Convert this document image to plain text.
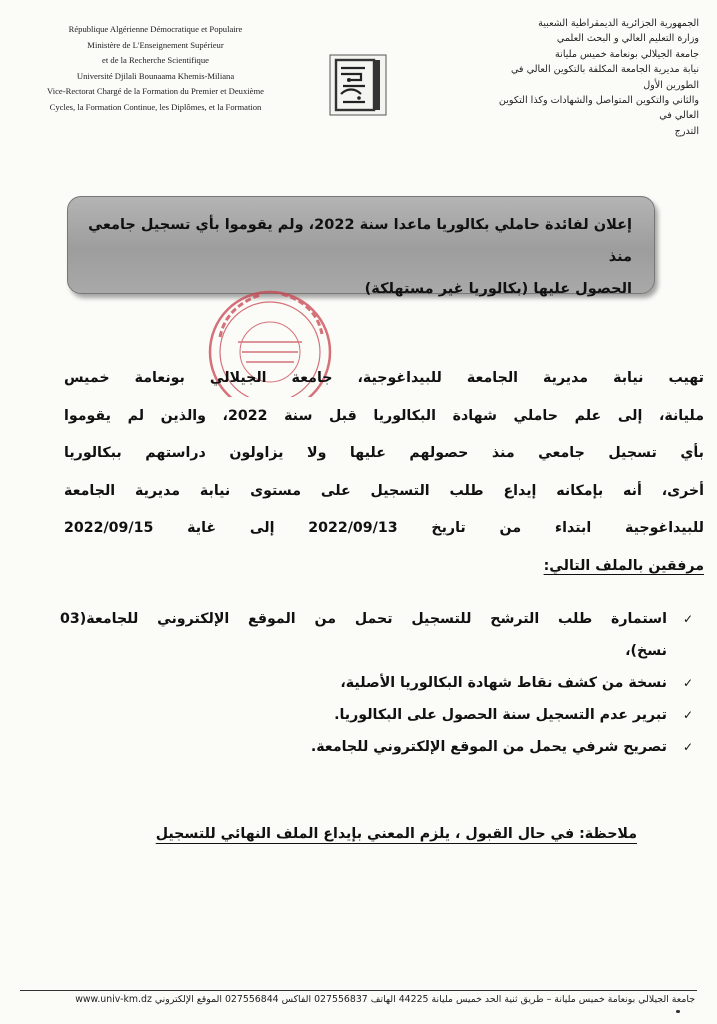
République Algérienne Démocratique et Populaire
Ministère de L'Enseignement Supérieur
et de la Recherche Scientifique
Université Djilali Bounaama Khemis-Miliana
Vice-Rectorat Chargé de la Formation du Premier et Deuxième
Cycles, la Formation Continue, les Diplômes, et la Formation
الجمهورية الجزائرية الديمقراطية الشعبية
وزارة التعليم العالي و البحث العلمي
جامعة الجيلالي بونعامة خميس مليانة
نيابة مديرية الجامعة المكلفة بالتكوين العالي في الطورين الأول
والثاني والتكوين المتواصل والشهادات وكذا التكوين العالي في
التدرج
إعلان لفائدة حاملي بكالوريا ماعدا سنة 2022، ولم يقوموا بأي تسجيل جامعي منذ
الحصول عليها (بكالوريا غير مستهلكة)
تهيب نيابة مديرية الجامعة للبيداغوجية، جامعة الجيلالي بونعامة خميس
مليانة، إلى علم حاملي شهادة البكالوريا قبل سنة 2022، والذين لم يقوموا
بأي تسجيل جامعي منذ حصولهم عليها ولا يزاولون دراستهم ببكالوريا
أخرى، أنه بإمكانه إيداع طلب التسجيل على مستوى نيابة مديرية الجامعة
للبيداغوجية ابتداء من تاريخ 2022/09/13 إلى غاية 2022/09/15
مرفقين بالملف التالي:
✓
استمارة طلب الترشح للتسجيل تحمل من الموقع الإلكتروني للجامعة(03
نسخ)،
✓
نسخة من كشف نقاط شهادة البكالوريا الأصلية،
✓
تبرير عدم التسجيل سنة الحصول على البكالوريا.
✓
تصريح شرفي يحمل من الموقع الإلكتروني للجامعة.
ملاحظة: في حال القبول ، يلزم المعني بإيداع الملف النهائي للتسجيل
جامعة الجيلالي بونعامة خميس مليانة – طريق ثنية الحد خميس مليانة 44225 الهاتف 027556837 الفاكس 027556844 الموقع الإلكتروني www.univ-km.dz
